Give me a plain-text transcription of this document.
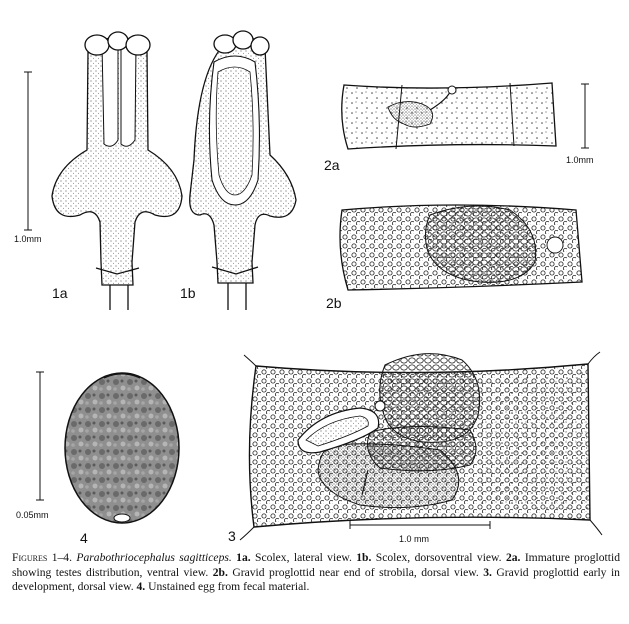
1.0mm
1a	1b
1.0mm
2a
2b
0.05mm
4	1.0 mm
3
Figures 1–4. Parabothriocephalus sagitticeps. 1a. Scolex, lateral view. 1b. Scolex, dorsoventral view. 2a. Immature proglottid showing testes distribution, ventral view. 2b. Gravid proglottid near end of strobila, dorsal view. 3. Gravid proglottid early in development, dorsal view. 4. Unstained egg from fecal material.
